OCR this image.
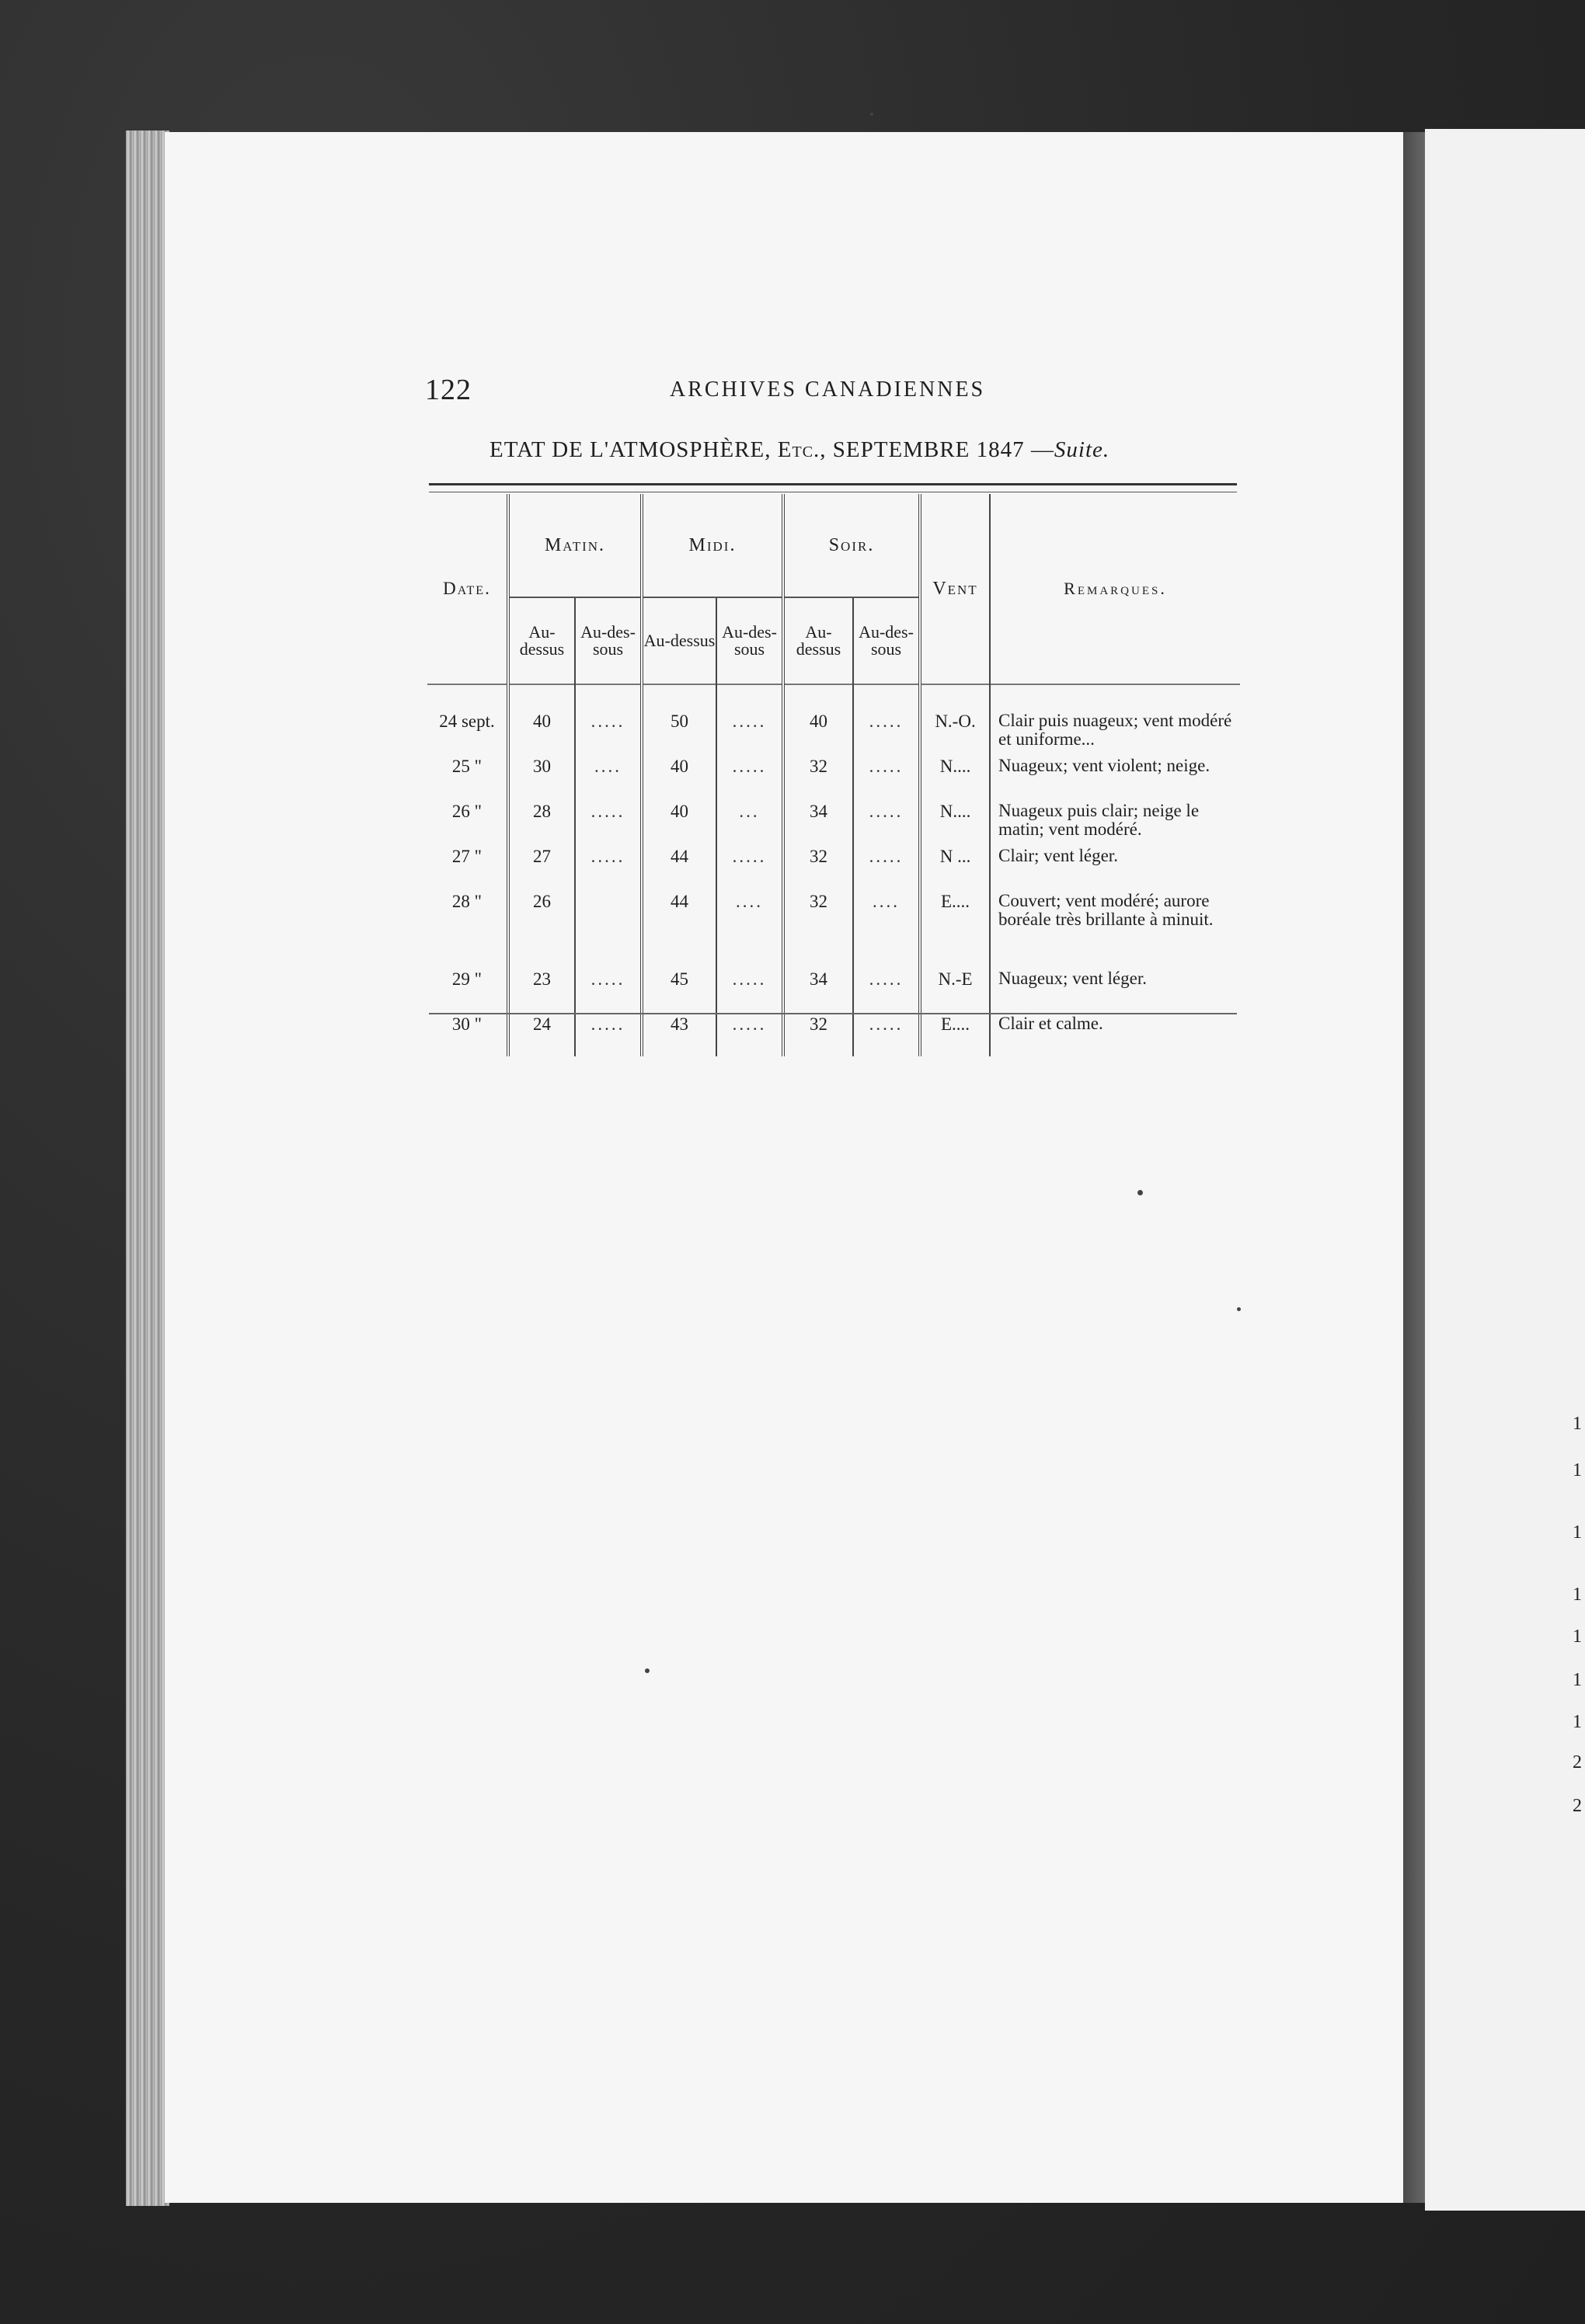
122	ARCHIVES CANADIENNES
ETAT DE L'ATMOSPHÈRE, Etc., SEPTEMBRE 1847 —Suite.
Date.	Matin.		Midi.		Soir.		Vent	Remarques.
	Au-dessus	Au-des-sous	Au-dessus	Au-des-sous	Au-dessus	Au-des-sous		

24 sept.	40	.....	50	.....	40	.....	N.-O.	Clair puis nuageux; vent modéré et uniforme...
25 "	30	....	40	.....	32	.....	N....	Nuageux; vent violent; neige.
26 "	28	.....	40	...	34	.....	N....	Nuageux puis clair; neige le matin; vent modéré.
27 "	27	.....	44	.....	32	.....	N ...	Clair; vent léger.
28 "	26		44	....	32	....	E....	Couvert; vent modéré; aurore boréale très brillante à minuit.
29 "	23	.....	45	.....	34	.....	N.-E	Nuageux; vent léger.
30 "	24	.....	43	.....	32	.....	E....	Clair et calme.
1
1
1
1
1
1
1
2
2
